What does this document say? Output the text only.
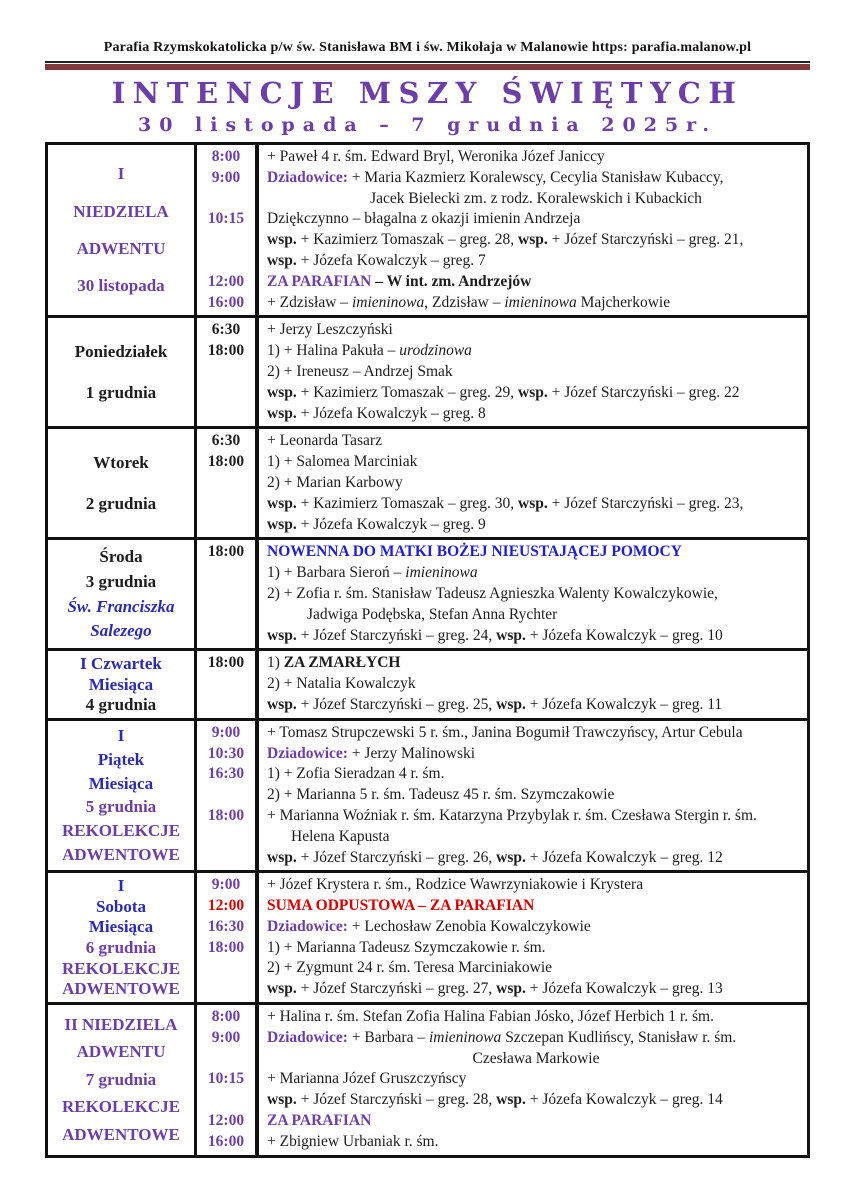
Parafia Rzymskokatolicka p/w św. Stanisława BM i św. Mikołaja w Malanowie https: parafia.malanow.pl
INTENCJE MSZY ŚWIĘTYCH
30 listopada – 7 grudnia 2025r.
I
NIEDZIELA
ADWENTU
30 listopada
8:00
9:00

10:15

12:00
16:00
+ Paweł 4 r. śm. Edward Bryl, Weronika Józef Janiccy
Dziadowice: + Maria Kazmierz Koralewscy, Cecylia Stanisław Kubaccy,
Jacek Bielecki zm. z rodz. Koralewskich i Kubackich
Dziękczynno – błagalna z okazji imienin Andrzeja
wsp. + Kazimierz Tomaszak – greg. 28, wsp. + Józef Starczyński – greg. 21,
wsp. + Józefa Kowalczyk – greg. 7
ZA PARAFIAN – W int. zm. Andrzejów
+ Zdzisław – imieninowa, Zdzisław – imieninowa Majcherkowie
Poniedziałek
1 grudnia
6:30
18:00

+ Jerzy Leszczyński
1) + Halina Pakuła – urodzinowa
2) + Ireneusz – Andrzej Smak
wsp. + Kazimierz Tomaszak – greg. 29, wsp. + Józef Starczyński – greg. 22
wsp. + Józefa Kowalczyk – greg. 8
Wtorek
2 grudnia
6:30
18:00

+ Leonarda Tasarz
1) + Salomea Marciniak
2) + Marian Karbowy
wsp. + Kazimierz Tomaszak – greg. 30, wsp. + Józef Starczyński – greg. 23,
wsp. + Józefa Kowalczyk – greg. 9
Środa
3 grudnia
Św. Franciszka
Salezego
18:00

	NOWENNA DO MATKI BOŻEJ NIEUSTAJĄCEJ POMOCY
1) + Barbara Sieroń – imieninowa
2) + Zofia r. śm. Stanisław Tadeusz Agnieszka Walenty Kowalczykowie,
Jadwiga Podębska, Stefan Anna Rychter
wsp. + Józef Starczyński – greg. 24, wsp. + Józefa Kowalczyk – greg. 10
I Czwartek
Miesiąca
4 grudnia
18:00

	1) ZA ZMARŁYCH
2) + Natalia Kowalczyk
wsp. + Józef Starczyński – greg. 25, wsp. + Józefa Kowalczyk – greg. 11
I
Piątek
Miesiąca
5 grudnia
REKOLEKCJE
ADWENTOWE
9:00
10:30
16:30

18:00

+ Tomasz Strupczewski 5 r. śm., Janina Bogumił Trawczyńscy, Artur Cebula
Dziadowice: + Jerzy Malinowski
1) + Zofia Sieradzan 4 r. śm.
2) + Marianna 5 r. śm. Tadeusz 45 r. śm. Szymczakowie
+ Marianna Woźniak r. śm. Katarzyna Przybylak r. śm. Czesława Stergin r. śm.
Helena Kapusta
wsp. + Józef Starczyński – greg. 26, wsp. + Józefa Kowalczyk – greg. 12
I
Sobota
Miesiąca
6 grudnia
REKOLEKCJE
ADWENTOWE
9:00
12:00
16:30
18:00

+ Józef Krystera r. śm., Rodzice Wawrzyniakowie i Krystera
SUMA ODPUSTOWA – ZA PARAFIAN
Dziadowice: + Lechosław Zenobia Kowalczykowie
1) + Marianna Tadeusz Szymczakowie r. śm.
2) + Zygmunt 24 r. śm. Teresa Marciniakowie
wsp. + Józef Starczyński – greg. 27, wsp. + Józefa Kowalczyk – greg. 13
II NIEDZIELA
ADWENTU
7 grudnia
REKOLEKCJE
ADWENTOWE
8:00
9:00

10:15

12:00
16:00
+ Halina r. śm. Stefan Zofia Halina Fabian Jósko, Józef Herbich 1 r. śm.
Dziadowice: + Barbara – imieninowa Szczepan Kudlińscy, Stanisław r. śm.
Czesława Markowie
+ Marianna Józef Gruszczyńscy
wsp. + Józef Starczyński – greg. 28, wsp. + Józefa Kowalczyk – greg. 14
ZA PARAFIAN
+ Zbigniew Urbaniak r. śm.
